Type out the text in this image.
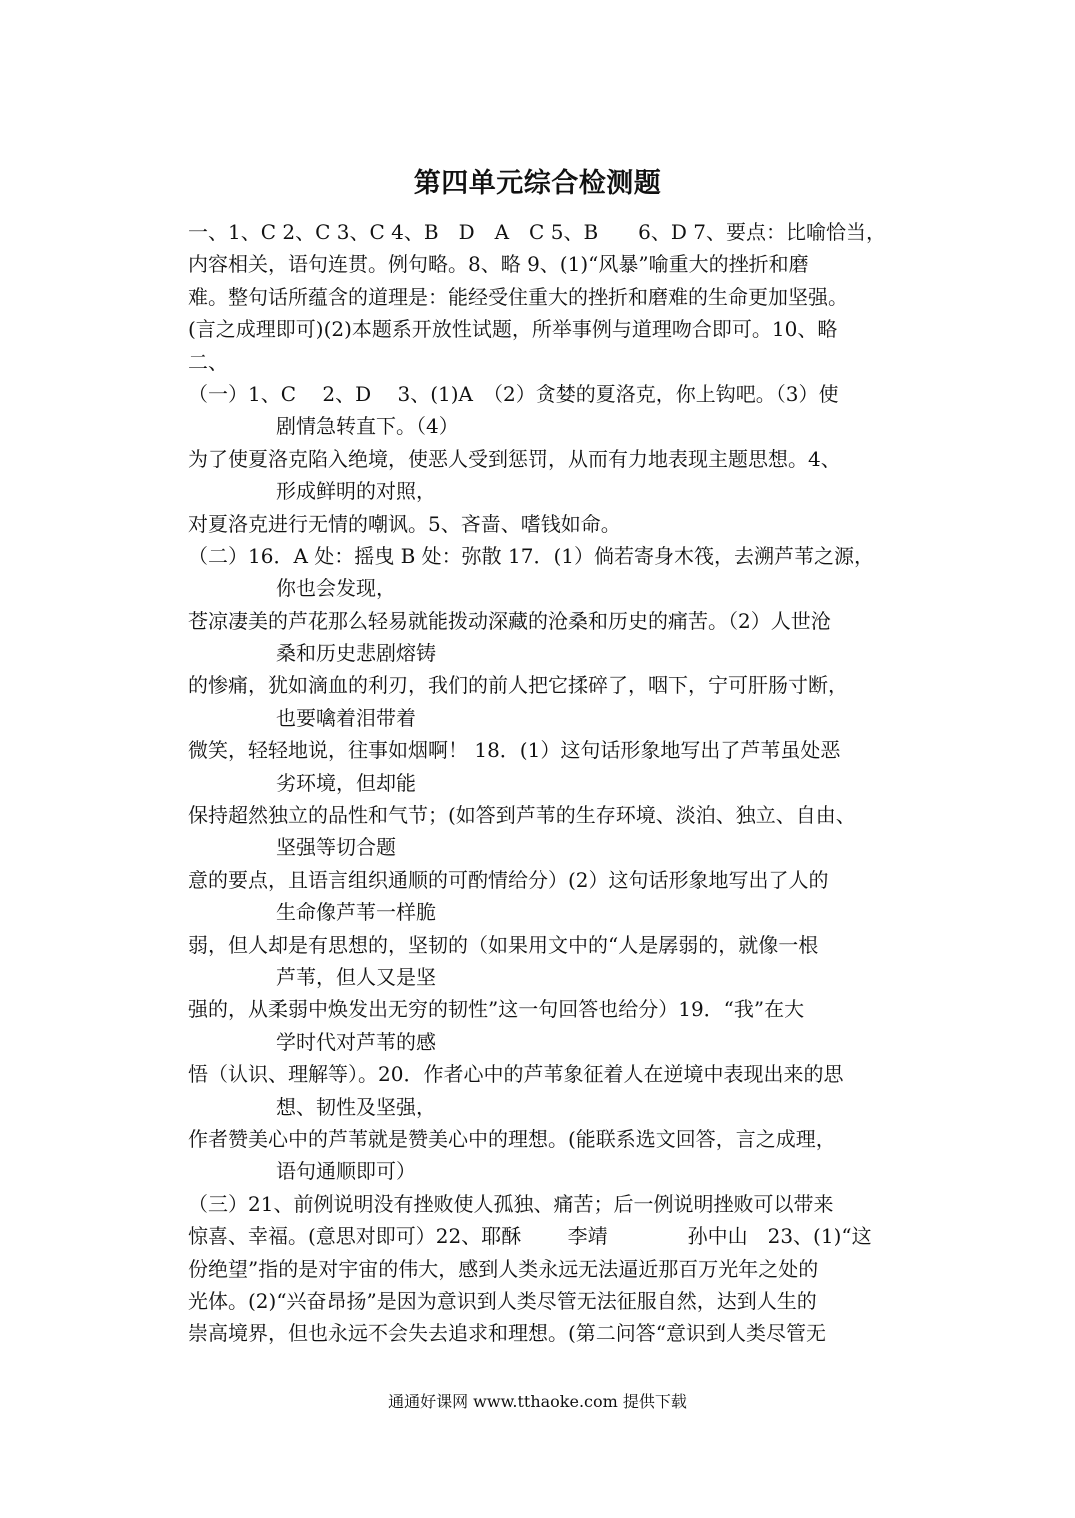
第四单元综合检测题
一、1、C 2、C 3、C 4、B　D　A　C 5、B　　6、D 7、要点：比喻恰当，
内容相关，语句连贯。例句略。8、略 9、(1)“风暴”喻重大的挫折和磨
难。整句话所蕴含的道理是：能经受住重大的挫折和磨难的生命更加坚强。
(言之成理即可)(2)本题系开放性试题，所举事例与道理吻合即可。10、略
二、
（一）1、C　 2、D　 3、(1)A　（2）贪婪的夏洛克，你上钩吧。（3）使
剧情急转直下。（4）
为了使夏洛克陷入绝境，使恶人受到惩罚，从而有力地表现主题思想。4、
形成鲜明的对照，
对夏洛克进行无情的嘲讽。5、吝啬、嗜钱如命。
（二）16．A 处：摇曳 B 处：弥散 17．(1）倘若寄身木筏，去溯芦苇之源，
你也会发现，
苍凉凄美的芦花那么轻易就能拨动深藏的沧桑和历史的痛苦。（2）人世沧
桑和历史悲剧熔铸
的惨痛，犹如滴血的利刃，我们的前人把它揉碎了，咽下，宁可肝肠寸断，
也要噙着泪带着
微笑，轻轻地说，往事如烟啊！ 18．(1）这句话形象地写出了芦苇虽处恶
劣环境，但却能
保持超然独立的品性和气节；(如答到芦苇的生存环境、淡泊、独立、自由、
坚强等切合题
意的要点，且语言组织通顺的可酌情给分）(2）这句话形象地写出了人的
生命像芦苇一样脆
弱，但人却是有思想的，坚韧的（如果用文中的“人是孱弱的，就像一根
芦苇，但人又是坚
强的，从柔弱中焕发出无穷的韧性”这一句回答也给分）19．“我”在大
学时代对芦苇的感
悟（认识、理解等）。20．作者心中的芦苇象征着人在逆境中表现出来的思
想、韧性及坚强，
作者赞美心中的芦苇就是赞美心中的理想。(能联系选文回答，言之成理，
语句通顺即可）
（三）21、前例说明没有挫败使人孤独、痛苦；后一例说明挫败可以带来
惊喜、幸福。(意思对即可）22、耶酥　　 李靖　　　　孙中山　23、(1)“这
份绝望”指的是对宇宙的伟大，感到人类永远无法逼近那百万光年之处的
光体。(2)“兴奋昂扬”是因为意识到人类尽管无法征服自然，达到人生的
崇高境界，但也永远不会失去追求和理想。(第二问答“意识到人类尽管无
通通好课网 www.tthaoke.com 提供下载
